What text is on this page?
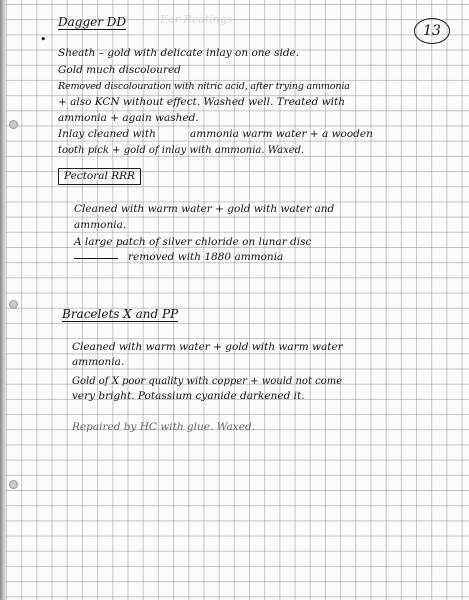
Ear Reatings
13
•
Dagger DD

Sheath – gold with delicate inlay on one side.

Gold much discoloured

Removed discolouration with nitric acid, after trying ammonia

+ also KCN without effect. Washed well. Treated with

ammonia + again washed.

Inlay cleaned with	ammonia warm water + a wooden

tooth pick + gold of inlay with ammonia. Waxed.

Pectoral RRR

Cleaned with warm water + gold with water and

ammonia.

A large patch of silver chloride on lunar disc

removed with 1880 ammonia

Bracelets X and PP

Cleaned with warm water + gold with warm water

ammonia.

Gold of X poor quality with copper + would not come

very bright. Potassium cyanide darkened it.

Repaired by HC with glue. Waxed.
